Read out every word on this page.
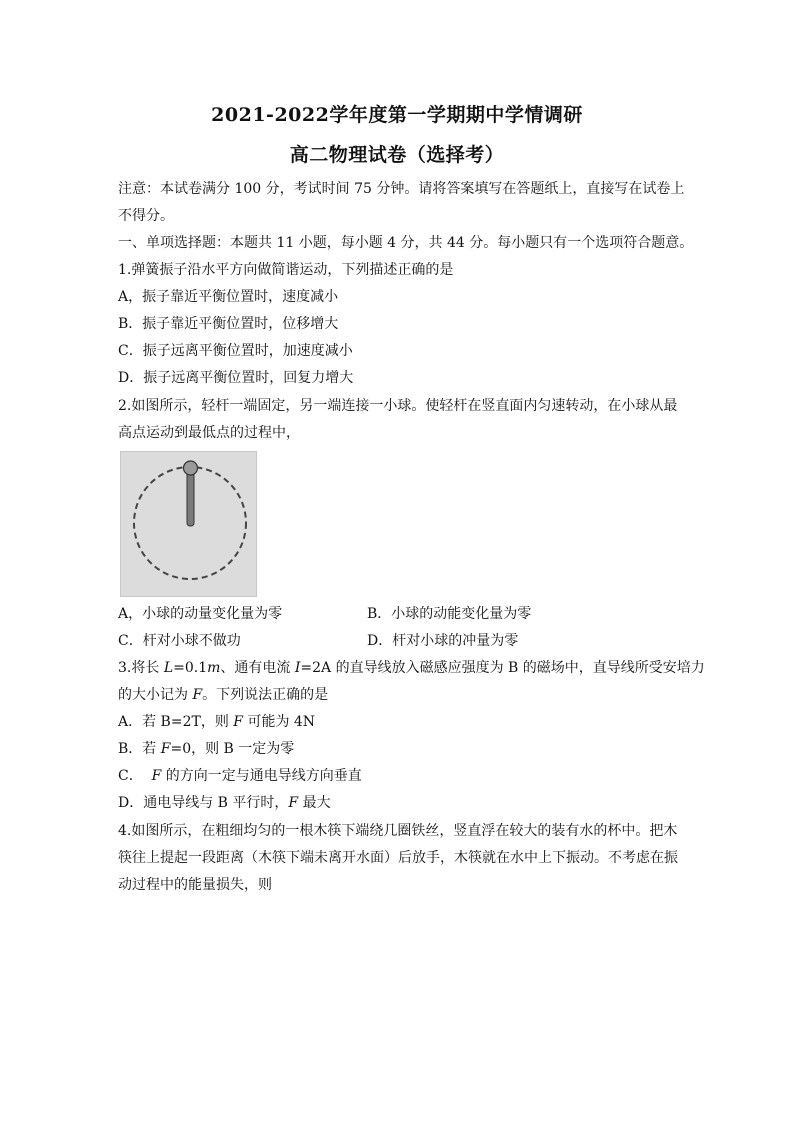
2021-2022学年度第一学期期中学情调研
高二物理试卷（选择考）
注意：本试卷满分 100 分，考试时间 75 分钟。请将答案填写在答题纸上，直接写在试卷上
不得分。
一、单项选择题：本题共 11 小题，每小题 4 分，共 44 分。每小题只有一个选项符合题意。
1.弹簧振子沿水平方向做简谐运动，下列描述正确的是
A，振子靠近平衡位置时，速度减小
B．振子靠近平衡位置时，位移增大
C．振子远离平衡位置时，加速度减小
D．振子远离平衡位置时，回复力增大
2.如图所示，轻杆一端固定，另一端连接一小球。使轻杆在竖直面内匀速转动，在小球从最
高点运动到最低点的过程中，
A，小球的动量变化量为零	B．小球的动能变化量为零
C．杆对小球不做功	D．杆对小球的冲量为零
3.将长 L=0.1m、通有电流 I=2A 的直导线放入磁感应强度为 B 的磁场中，直导线所受安培力
的大小记为 F。下列说法正确的是
A．若 B=2T，则 F 可能为 4N
B．若 F=0，则 B 一定为零
C．  F 的方向一定与通电导线方向垂直
D．通电导线与 B 平行时，F 最大
4.如图所示，在粗细均匀的一根木筷下端绕几圈铁丝，竖直浮在较大的装有水的杯中。把木
筷往上提起一段距离（木筷下端未离开水面）后放手，木筷就在水中上下振动。不考虑在振
动过程中的能量损失，则
